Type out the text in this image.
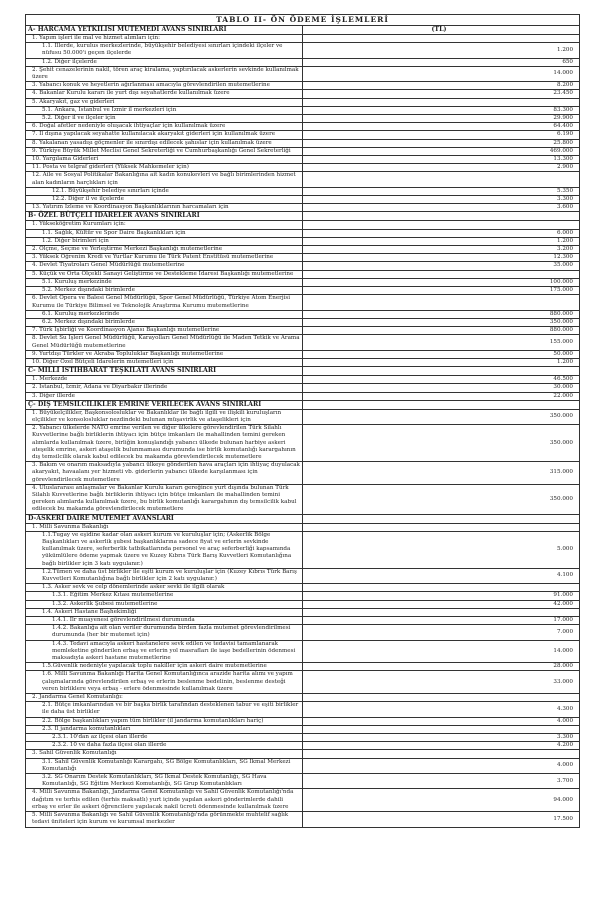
TABLO II- ÖN ÖDEME İŞLEMLERİ	
A- HARCAMA YETKİLİSİ MUTEMEDİ AVANS SINIRLARI	(TL)
1. Yapım işleri ile mal ve hizmet alımları için:	
1.1. İllerde, kurulus merkezlerinde, büyükşehir belediyesi sınırları içindeki ilçeler ve nüfusu 50.000'i geçen ilçelerde	1.200
1.2. Diğer ilçelerde	650
2. Şehit cenazelerinin nakil, tören araç kiralama, yaptırılacak askerlerin sevkinde kullanılmak üzere	14.000
3. Yabancı konuk ve heyetlerin ağırlanması amacıyla görevlendirilen mutemetlerine	8.200
4. Bakanlar Kurulu kararı ile yurt dışı seyahatlerde kullanılmak üzere	23.450
5. Akaryakıt, gaz ve giderleri	
5.1. Ankara, İstanbul ve İzmir il merkezleri için	83.300
5.2. Diğer il ve ilçeler için	29.900
6. Doğal afetler nedeniyle oluşacak ihtiyaçlar için kullanılmak üzere	64.400
7. İl dışına yapılacak seyahatte kullanılacak akaryakıt giderleri için kullanılmak üzere	6.190
8. Yakalanan yasadışı göçmenler ile sınırdışı edilecek şahıslar için kullanılmak üzere	25.800
9. Türkiye Büyük Millet Meclisi Genel Sekreterliği ve Cumhurbaşkanlığı Genel Sekreterliği	469.000
10. Yargılama Giderleri	13.300
11. Posta ve telgraf giderleri (Yüksek Mahkemeler için)	2.900
12. Aile ve Sosyal Politikalar Bakanlığına ait kadın konukevleri ve bağlı birimlerinden hizmet alan kadınların harçlıkları için	
12.1. Büyükşehir belediye sınırları içinde	5.350
12.2. Diğer il ve ilçelerde	3.300
13. Yatırım İzleme ve Koordinasyon Başkanlıklarının harcamaları için	3.600
B- ÖZEL BÜTÇELİ İDARELER AVANS SINIRLARI	
1. Yükseköğretim Kurumları için:	
1.1. Sağlık, Kültür ve Spor Daire Başkanlıkları için	6.000
1.2. Diğer birimleri için	1.200
2. Ölçme, Seçme ve Yerleştirme Merkezi Başkanlığı mutemetlerine	3.200
3. Yüksek Öğrenim Kredi ve Yurtlar Kurumu ile Türk Patent Enstitüsü mutemetlerine	12.300
4. Devlet Tiyatroları Genel Müdürlüğü mutemetlerine	35.000
5. Küçük ve Orta Ölçekli Sanayi Geliştirme ve Destekleme İdaresi Başkanlığı mutemetlerine	
5.1. Kuruluş merkezinde	100.000
5.2. Merkez dışındaki birimlerde	175.000
6. Devlet Opera ve Balesi Genel Müdürlüğü, Spor Genel Müdürlüğü, Türkiye Atom Enerjisi Kurumu ile Türkiye Bilimsel ve Teknolojik Araştırma Kurumu mutemetlerine	
6.1. Kuruluş merkezlerinde	880.000
6.2. Merkez dışındaki birimlerde	350.000
7. Türk İşbirliği ve Koordinasyon Ajansı Başkanlığı mutemetlerine	880.000
8. Devlet Su İşleri Genel Müdürlüğü, Karayolları Genel Müdürlüğü ile Maden Tetkik ve Arama Genel Müdürlüğü mutemetlerine	155.000
9. Yurtdışı Türkler ve Akraba Topluluklar Başkanlığı mutemetlerine	50.000
10. Diğer Özel Bütçeli İdarelerin mutemetleri için	1.200
C- MİLLİ İSTİHBARAT TEŞKİLATI AVANS SINIRLARI	
1. Merkezde	46.500
2. İstanbul, İzmir, Adana ve Diyarbakır illerinde	30.000
3. Diğer illerde	22.000
Ç- DIŞ TEMSİLCİLİKLER EMRİNE VERİLECEK AVANS SINIRLARI	
1. Büyükelçilikler, Başkonsolosluklar ve Bakanlıklar ile bağlı ilgili ve ilişkili kuruluşların elçilikler ve konsolosluklar nezdindeki bulunan müşavirlik ve ataşelikleri için	350.000
2. Yabancı ülkelerde NATO emrine verilen ve diğer ülkelere görevlendirilen Türk Silahlı Kuvvetlerine bağlı birliklerin ihtiyacı için bütçe imkanları ile mahallinden temini gereken alımlarda kullanılmak üzere, birliğin konuşlandığı yabancı ülkede bulunan harbiye askeri ateşelik emrine, askeri ataşelik bulunmaması durumunda ise birlik komutanlığı karargahının dış temsilcilik olarak kabul edilecek bu makamda görevlendirilecek mutemetlere	350.000
3. Bakım ve onarım maksadıyla yabancı ülkeye gönderilen hava araçları için ihtiyaç duyulacak akaryakıt, havaalanı yer hizmeti vb. giderlerin yabancı ülkede karşılanması için görevlendirilecek mutemetlere	315.000
4. Uluslararası anlaşmalar ve Bakanlar Kurulu kararı gereğince yurt dışında bulunan Türk Silahlı Kuvvetlerine bağlı birliklerin ihtiyacı için bütçe imkanları ile mahallinden temini gereken alımlarda kullanılmak üzere, bu birlik komutanlığı karargahının dış temsilcilik kabul edilecek bu makamda görevlendirilecek mutemetlere	350.000
D-ASKERİ DAİRE MUTEMET AVANSLARI	
1. Milli Savunma Bakanlığı	
1.1.Tugay ve eşidine kadar olan askeri kurum ve kuruluşlar için; (Askerlik Bölge Başkanlıkları ve askerlik şubesi başkanlıklarına sadece fiyat ve erlerin sevkinde kullanılmak üzere, seferberlik tatbikatlarında personel ve araç seferberliği kapsamında yükümlülere ödeme yapmak üzere ve Kuzey Kıbrıs Türk Barış Kuvvetleri Komutanlığına bağlı birlikler için 3 katı uygulanır.)	5.000
1.2.Tümen ve daha üst birlikler ile eşiti kurum ve kuruluşlar için (Kuzey Kıbrıs Türk Barış Kuvvetleri Komutanlığına bağlı birlikler için 2 katı uygulanır.)	4.100
1.3. Asker sevk ve celp dönemlerinde asker sevki ile ilgili olarak	
1.3.1. Eğitim Merkez Kıtası mutemetlerine	91.000
1.3.2. Askerlik Şubesi mutemetlerine	42.000
1.4. Askeri Hastane Başhekimliği	
1.4.1. İlr muayenesi görevlendirilmesi durumunda	17.000
1.4.2. Bakanlığa ait olan veriler durumunda birden fazla mutemet görevlendirilmesi durumunda (her bir mutemet için)	7.000
1.4.3. Tedavi amacıyla askeri hastanelere sevk edilen ve tedavisi tamamlanarak memleketine gönderilen erbaş ve erlerin yol masrafları ile iaşe bedellerinin ödenmesi maksadıyla askeri hastane mutemetlerine	14.000
1.5.Güvenlik nedeniyle yapılacak toplu nakiller için askeri daire mutemetlerine	28.000
1.6. Milli Savunma Bakanlığı Harita Genel Komutanlığınca arazide harita alımı ve yapım çalışmalarında görevlendirilen erbaş ve erlerin beslenme bedelinin, beslenme desteği veren birliklere veya erbaş - erlere ödenmesinde kullanılmak üzere	33.000
2. Jandarma Genel Komutanlığı:	
2.1. Bütçe imkanlarından ve bir başka birlik tarafından desteklenen tabur ve eşiti birlikler ile daha üst birlikler	4.300
2.2. Bölge başkanlıkları yapım tüm birlikler (il jandarma komutanlıkları hariç)	4.000
2.3. İl jandarma komutanlıkları	
2.3.1. 10'dan az ilçesi olan illerde	3.300
2.3.2. 10 ve daha fazla ilçesi olan illerde	4.200
3. Sahil Güvenlik Komutanlığı	
3.1. Sahil Güvenlik Komutanlığı Karargahı, SG Bölge Komutanlıkları, SG İkmal Merkezi Komutanlığı	4.000
3.2. SG Onarım Destek Komutanlıkları, SG İkmal Destek Komutanlığı, SG Hava Komutanlığı, SG Eğitim Merkezi Komutanlığı, SG Grup Komutanlıkları	3.700
4. Milli Savunma Bakanlığı, Jandarma Genel Komutanlığı ve Sahil Güvenlik Komutanlığı'nda dağıtım ve terhis edilen (terhis maksatlı) yurt içinde yapılan askeri gönderimlerde dahili erbaş ve erler ile askeri öğrencilere yapılacak nakil ücreti ödenmesinde kullanılmak üzere	94.000
5. Milli Savunma Bakanlığı ve Sahil Güvenlik Komutanlığı'nda görünmekte muhtelif sağlık tedavi üniteleri için kurum ve kurumsal merkezler	17.500
